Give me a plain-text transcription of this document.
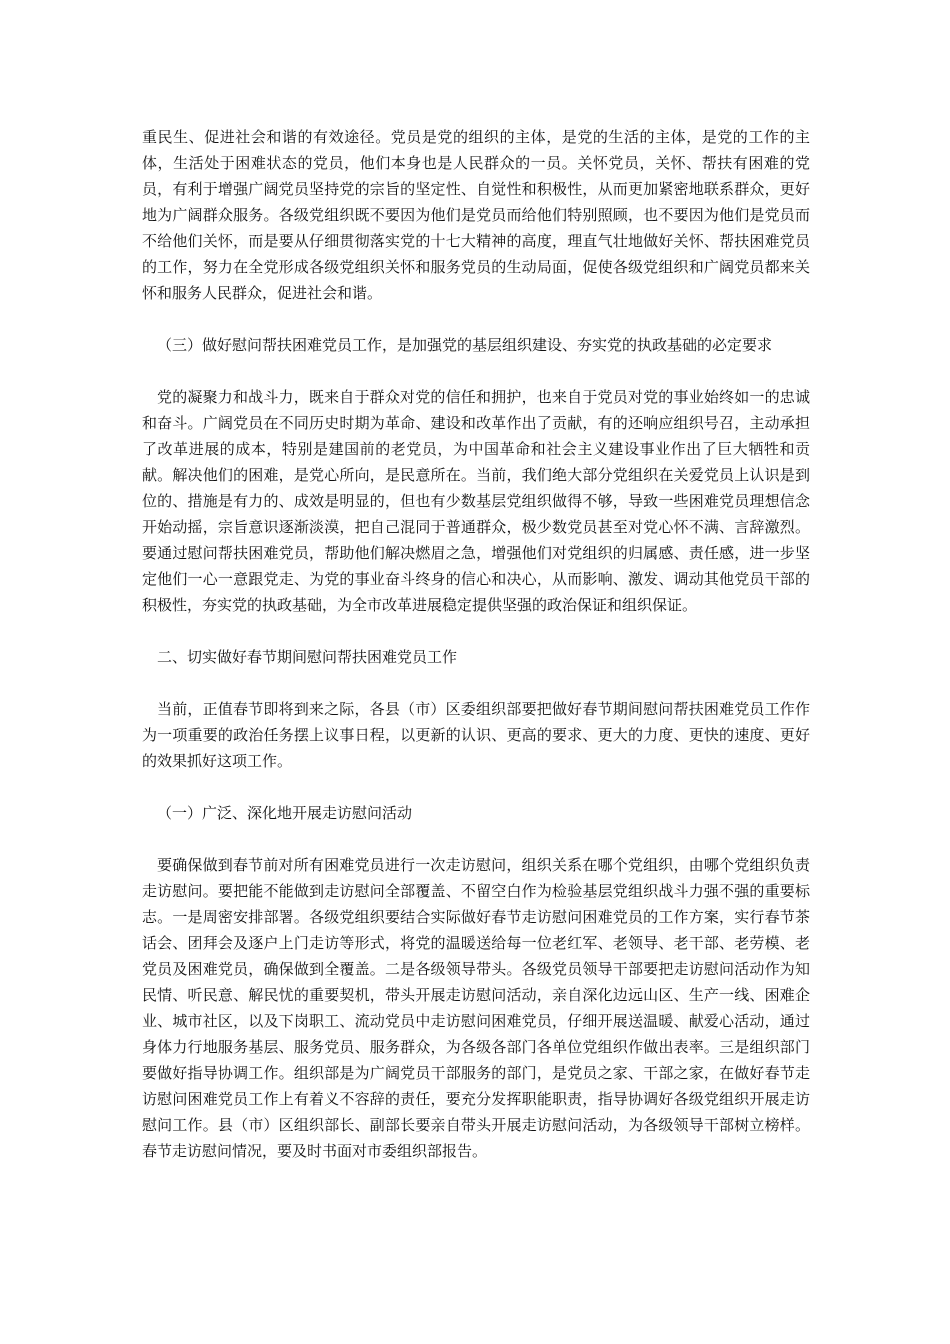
重民生、促进社会和谐的有效途径。党员是党的组织的主体，是党的生活的主体，是党的工作的主体，生活处于困难状态的党员，他们本身也是人民群众的一员。关怀党员，关怀、帮扶有困难的党员，有利于增强广阔党员坚持党的宗旨的坚定性、自觉性和积极性，从而更加紧密地联系群众，更好地为广阔群众服务。各级党组织既不要因为他们是党员而给他们特别照顾，也不要因为他们是党员而不给他们关怀，而是要从仔细贯彻落实党的十七大精神的高度，理直气壮地做好关怀、帮扶困难党员的工作，努力在全党形成各级党组织关怀和服务党员的生动局面，促使各级党组织和广阔党员都来关怀和服务人民群众，促进社会和谐。

（三）做好慰问帮扶困难党员工作，是加强党的基层组织建设、夯实党的执政基础的必定要求

党的凝聚力和战斗力，既来自于群众对党的信任和拥护，也来自于党员对党的事业始终如一的忠诚和奋斗。广阔党员在不同历史时期为革命、建设和改革作出了贡献，有的还响应组织号召，主动承担了改革进展的成本，特别是建国前的老党员，为中国革命和社会主义建设事业作出了巨大牺牲和贡献。解决他们的困难，是党心所向，是民意所在。当前，我们绝大部分党组织在关爱党员上认识是到位的、措施是有力的、成效是明显的，但也有少数基层党组织做得不够，导致一些困难党员理想信念开始动摇，宗旨意识逐渐淡漠，把自己混同于普通群众，极少数党员甚至对党心怀不满、言辞激烈。要通过慰问帮扶困难党员，帮助他们解决燃眉之急，增强他们对党组织的归属感、责任感，进一步坚定他们一心一意跟党走、为党的事业奋斗终身的信心和决心，从而影响、激发、调动其他党员干部的积极性，夯实党的执政基础，为全市改革进展稳定提供坚强的政治保证和组织保证。

二、切实做好春节期间慰问帮扶困难党员工作

当前，正值春节即将到来之际，各县（市）区委组织部要把做好春节期间慰问帮扶困难党员工作作为一项重要的政治任务摆上议事日程，以更新的认识、更高的要求、更大的力度、更快的速度、更好的效果抓好这项工作。

（一）广泛、深化地开展走访慰问活动

要确保做到春节前对所有困难党员进行一次走访慰问，组织关系在哪个党组织，由哪个党组织负责走访慰问。要把能不能做到走访慰问全部覆盖、不留空白作为检验基层党组织战斗力强不强的重要标志。一是周密安排部署。各级党组织要结合实际做好春节走访慰问困难党员的工作方案，实行春节茶话会、团拜会及逐户上门走访等形式，将党的温暖送给每一位老红军、老领导、老干部、老劳模、老党员及困难党员，确保做到全覆盖。二是各级领导带头。各级党员领导干部要把走访慰问活动作为知民情、听民意、解民忧的重要契机，带头开展走访慰问活动，亲自深化边远山区、生产一线、困难企业、城市社区，以及下岗职工、流动党员中走访慰问困难党员，仔细开展送温暖、献爱心活动，通过身体力行地服务基层、服务党员、服务群众，为各级各部门各单位党组织作做出表率。三是组织部门要做好指导协调工作。组织部是为广阔党员干部服务的部门，是党员之家、干部之家，在做好春节走访慰问困难党员工作上有着义不容辞的责任，要充分发挥职能职责，指导协调好各级党组织开展走访慰问工作。县（市）区组织部长、副部长要亲自带头开展走访慰问活动，为各级领导干部树立榜样。春节走访慰问情况，要及时书面对市委组织部报告。
